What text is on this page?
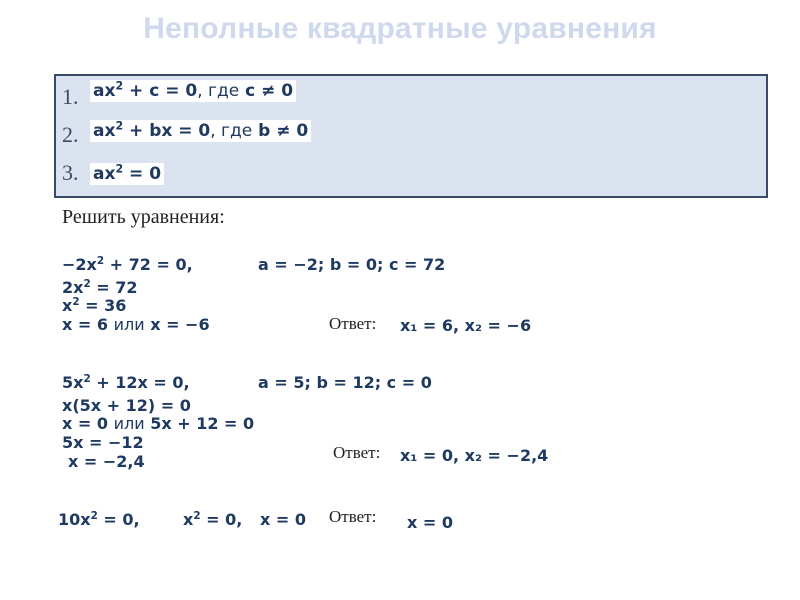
Неполные квадратные уравнения
1. $ax^2 + c = 0$, где c ≠ 0
2. $ax^2$ + bx = 0, где b ≠ 0
3. $ax^2 = 0$
Решить уравнения:
$-2x^2 + 72 = 0$,	a = −2; b = 0; c = 72
$2x^2 = 72$
$x^2 = 36$
x = 6 или x = −6	Ответ: x₁ = 6, x₂ = −6
$5x^2 + 12x = 0$,	a = 5; b = 12; c = 0
x(5x + 12) = 0
x = 0 или 5x + 12 = 0
5x = −12
x = −2,4	Ответ: x₁ = 0, x₂ = −2,4
$10x^2 = 0$,	$x^2 = 0$, x = 0 Ответ: x = 0
